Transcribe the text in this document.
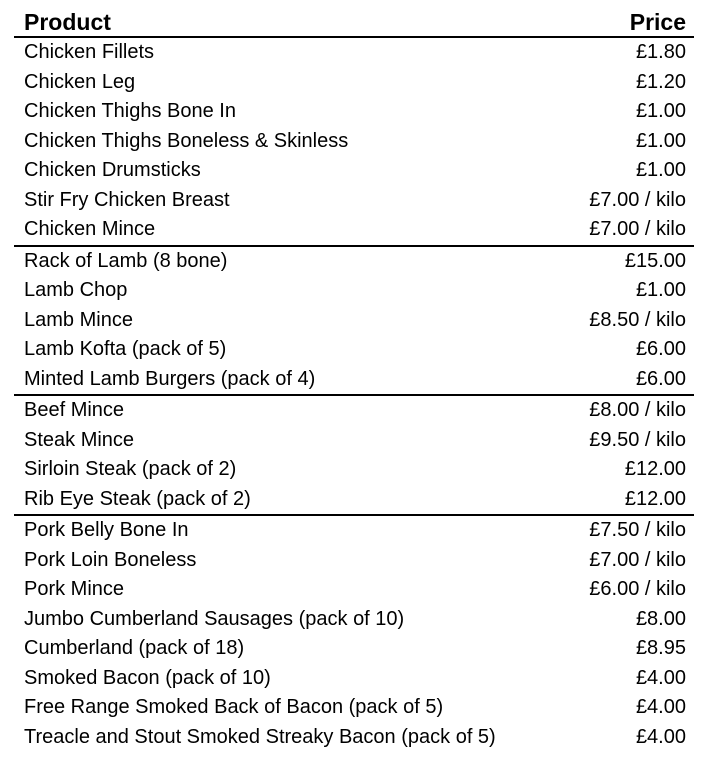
Product	Price
Chicken Fillets	£1.80
Chicken Leg	£1.20
Chicken Thighs Bone In	£1.00
Chicken Thighs Boneless & Skinless	£1.00
Chicken Drumsticks	£1.00
Stir Fry Chicken Breast	£7.00 / kilo
Chicken Mince	£7.00 / kilo
Rack of Lamb (8 bone)	£15.00
Lamb Chop	£1.00
Lamb Mince	£8.50 / kilo
Lamb Kofta (pack of 5)	£6.00
Minted Lamb Burgers (pack of 4)	£6.00
Beef Mince	£8.00 / kilo
Steak Mince	£9.50 / kilo
Sirloin Steak (pack of 2)	£12.00
Rib Eye Steak (pack of 2)	£12.00
Pork Belly Bone In	£7.50 / kilo
Pork Loin Boneless	£7.00 / kilo
Pork Mince	£6.00 / kilo
Jumbo Cumberland Sausages (pack of 10)	£8.00
Cumberland (pack of 18)	£8.95
Smoked Bacon (pack of 10)	£4.00
Free Range Smoked Back of Bacon (pack of 5)	£4.00
Treacle and Stout Smoked Streaky Bacon (pack of 5)	£4.00
